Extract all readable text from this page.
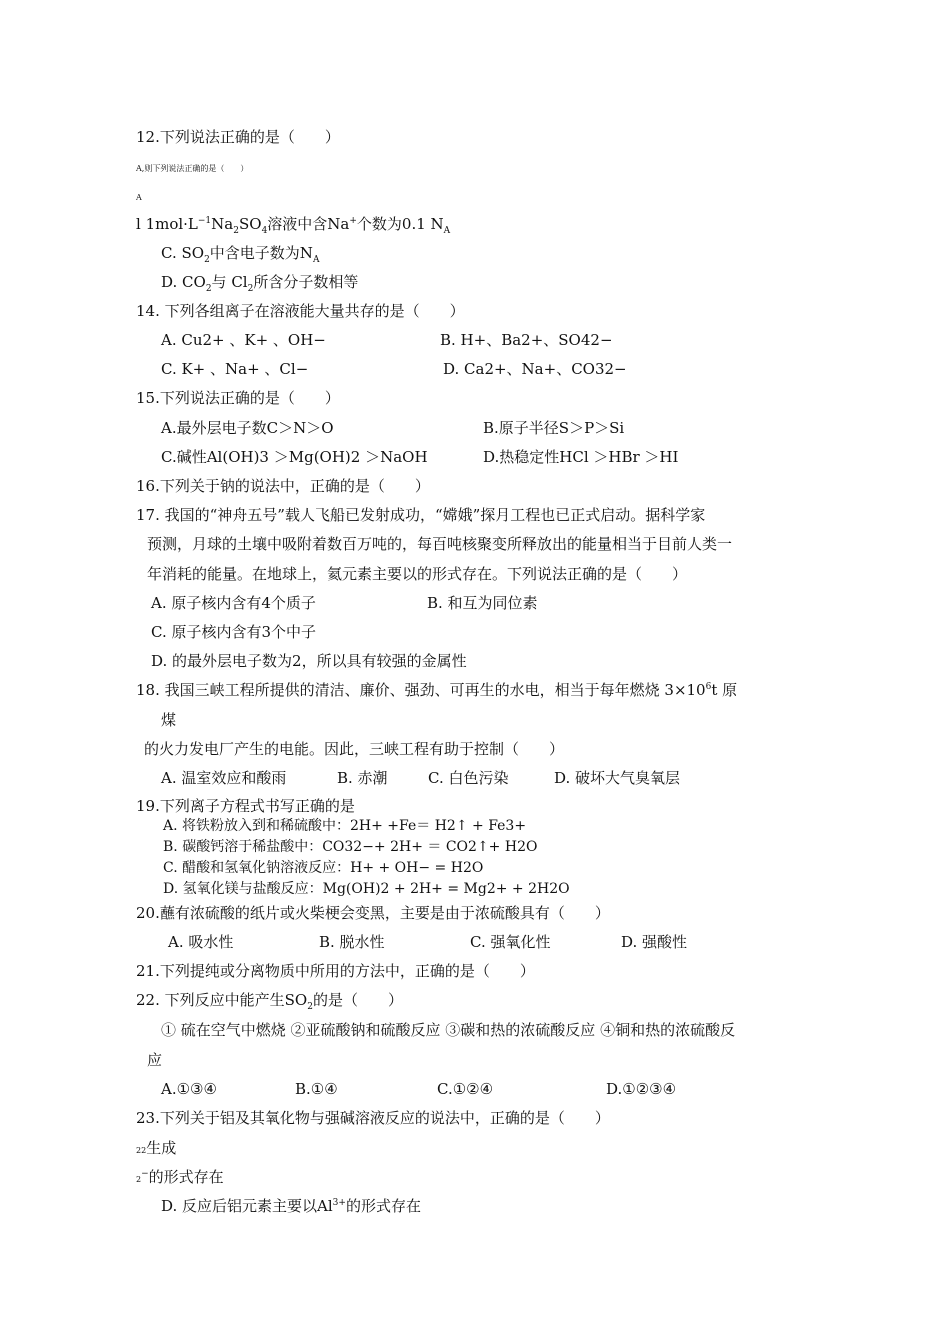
12.下列说法正确的是（　　）
A,则下列说法正确的是（　　）
A
l $1mol\cdot L^{-1}Na_2SO_4$溶液中含Na+个数为0.1 $N_A$
C. $SO_2$中含电子数为$N_A$
D. $CO_2$与 $Cl_2$所含分子数相等
14. 下列各组离子在溶液能大量共存的是（　　）
A. Cu2+ 、K+ 、OH−	B. H+、Ba2+、SO42−
C. K+ 、Na+ 、Cl−	D. Ca2+、Na+、CO32−
15.下列说法正确的是（　　）
A.最外层电子数C＞N＞O	B.原子半径S＞P＞Si
C.碱性Al(OH)3 ＞Mg(OH)2 ＞NaOH	D.热稳定性HCl ＞HBr ＞HI
16.下列关于钠的说法中，正确的是（　　）
17. 我国的“神舟五号”载人飞船已发射成功，“嫦娥”探月工程也已正式启动。据科学家
预测，月球的土壤中吸附着数百万吨的，每百吨核聚变所释放出的能量相当于目前人类一
年消耗的能量。在地球上，氦元素主要以的形式存在。下列说法正确的是（　　）
A. 原子核内含有4个质子	B. 和互为同位素
C. 原子核内含有3个中子
D. 的最外层电子数为2，所以具有较强的金属性
18. 我国三峡工程所提供的清洁、廉价、强劲、可再生的水电，相当于每年燃烧 $3\times 10^6t$ 原
煤
的火力发电厂产生的电能。因此，三峡工程有助于控制（　　）
A. 温室效应和酸雨	B. 赤潮	C. 白色污染	D. 破坏大气臭氧层
19.下列离子方程式书写正确的是
A. 将铁粉放入到和稀硫酸中：2H+ +Fe＝ H2↑ + Fe3+
B. 碳酸钙溶于稀盐酸中：CO32−+ 2H+ ＝ CO2↑+ H2O
C. 醋酸和氢氧化钠溶液反应：H+ + OH− = H2O
D. 氢氧化镁与盐酸反应：Mg(OH)2 + 2H+ = Mg2+ + 2H2O
20.蘸有浓硫酸的纸片或火柴梗会变黑，主要是由于浓硫酸具有（　　）
A. 吸水性	B. 脱水性	C. 强氧化性	D. 强酸性
21.下列提纯或分离物质中所用的方法中，正确的是（　　）
22. 下列反应中能产生$SO_2$的是（　　）
① 硫在空气中燃烧 ②亚硫酸钠和硫酸反应 ③碳和热的浓硫酸反应 ④铜和热的浓硫酸反
应
A.①③④	B.①④	C.①②④	D.①②③④
23.下列关于铝及其氧化物与强碱溶液反应的说法中，正确的是（　　）
22生成
2−的形式存在
D. 反应后铝元素主要以$Al^{3+}$的形式存在
